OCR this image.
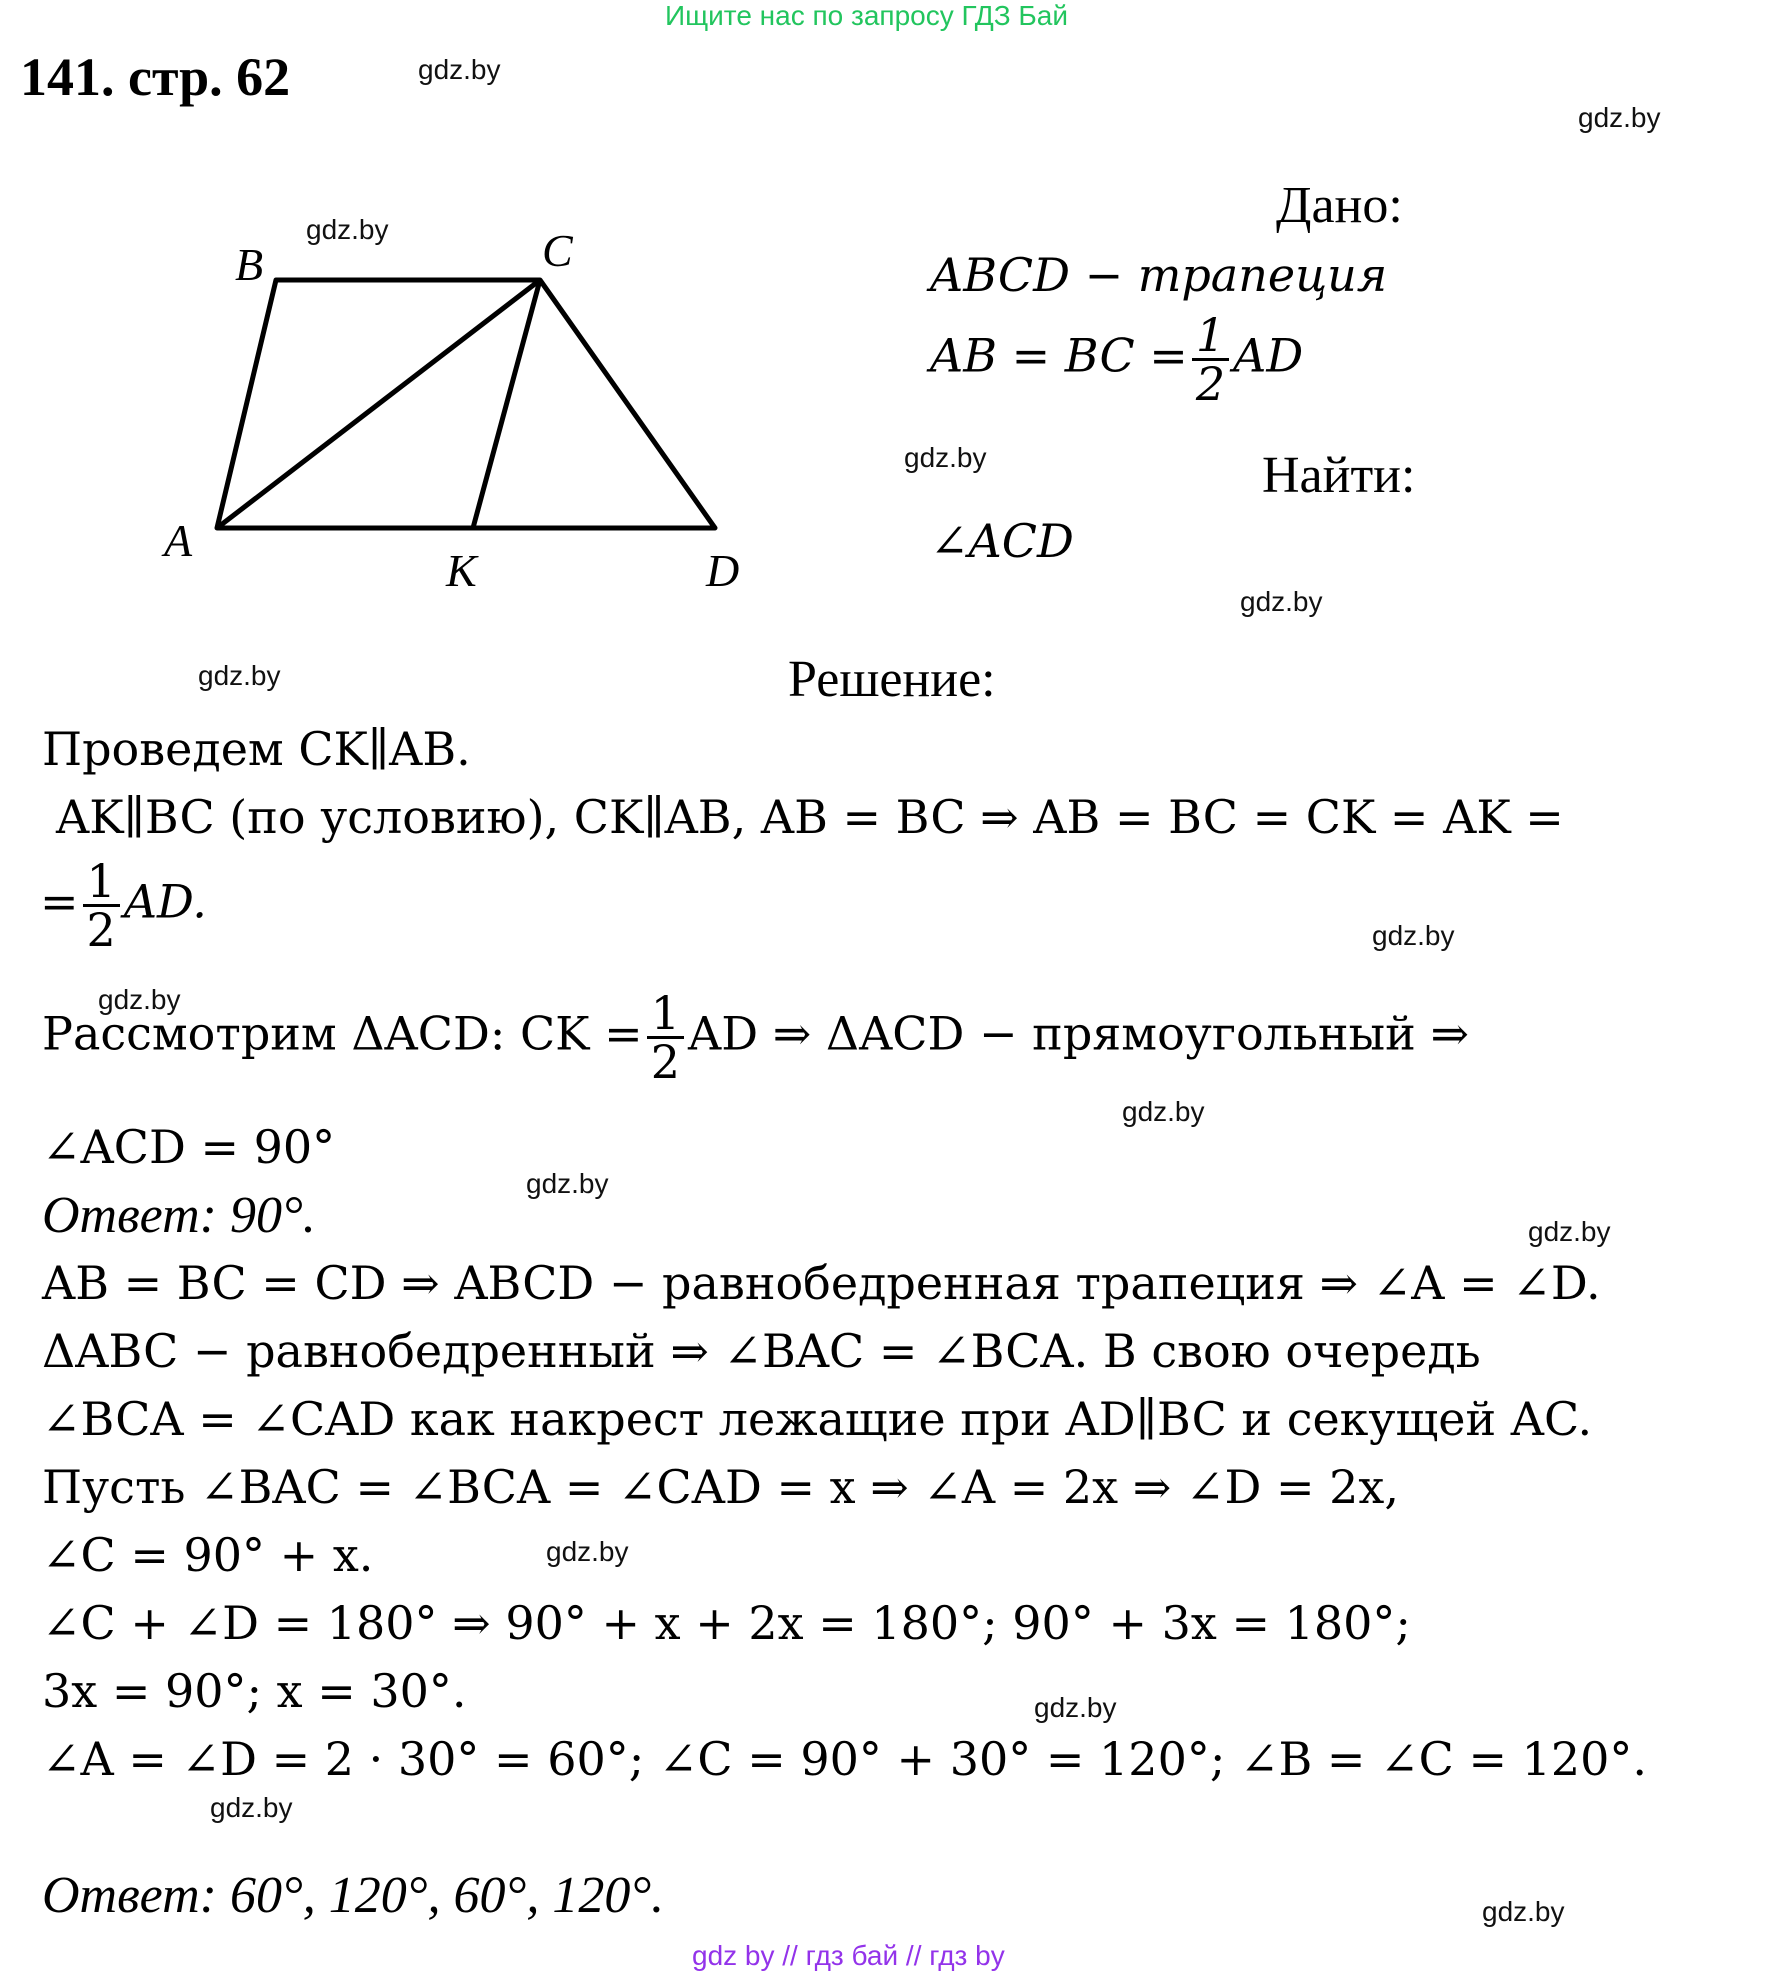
Ищите нас по запросу ГДЗ Бай
141. стр. 62	gdz.by
gdz.by
gdz.by
gdz.by
gdz.by
gdz.by
gdz.by
gdz.by
gdz.by
gdz.by
gdz.by
gdz.by
gdz.by
gdz.by
gdz.by
B	C
A
K	D
Дано:
ABCD − трапеция
AB = BC = $\frac{1}{2}$ AD
Найти:
∠ACD
Решение:
Проведем CK∥AB.
AK∥BC (по условию), CK∥AB, AB = BC ⇒ AB = BC = CK = AK =
= $\frac{1}{2}$ AD.
Рассмотрим ΔACD: CK = $\frac{1}{2}$ AD ⇒ ΔACD − прямоугольный ⇒
∠ACD = 90°
Ответ: 90°.
AB = BC = CD ⇒ ABCD − равнобедренная трапеция ⇒ ∠A = ∠D.
ΔABC − равнобедренный ⇒ ∠BAC = ∠BCA. В свою очередь
∠BCA = ∠CAD как накрест лежащие при AD∥BC и секущей AC.
Пусть ∠BAC = ∠BCA = ∠CAD = x ⇒ ∠A = 2x ⇒ ∠D = 2x,
∠C = 90° + x.
∠C + ∠D = 180° ⇒ 90° + x + 2x = 180°; 90° + 3x = 180°;
3x = 90°; x = 30°.
∠A = ∠D = 2 · 30° = 60°; ∠C = 90° + 30° = 120°; ∠B = ∠C = 120°.
Ответ: 60°, 120°, 60°, 120°.
gdz by // гдз бай // гдз by
